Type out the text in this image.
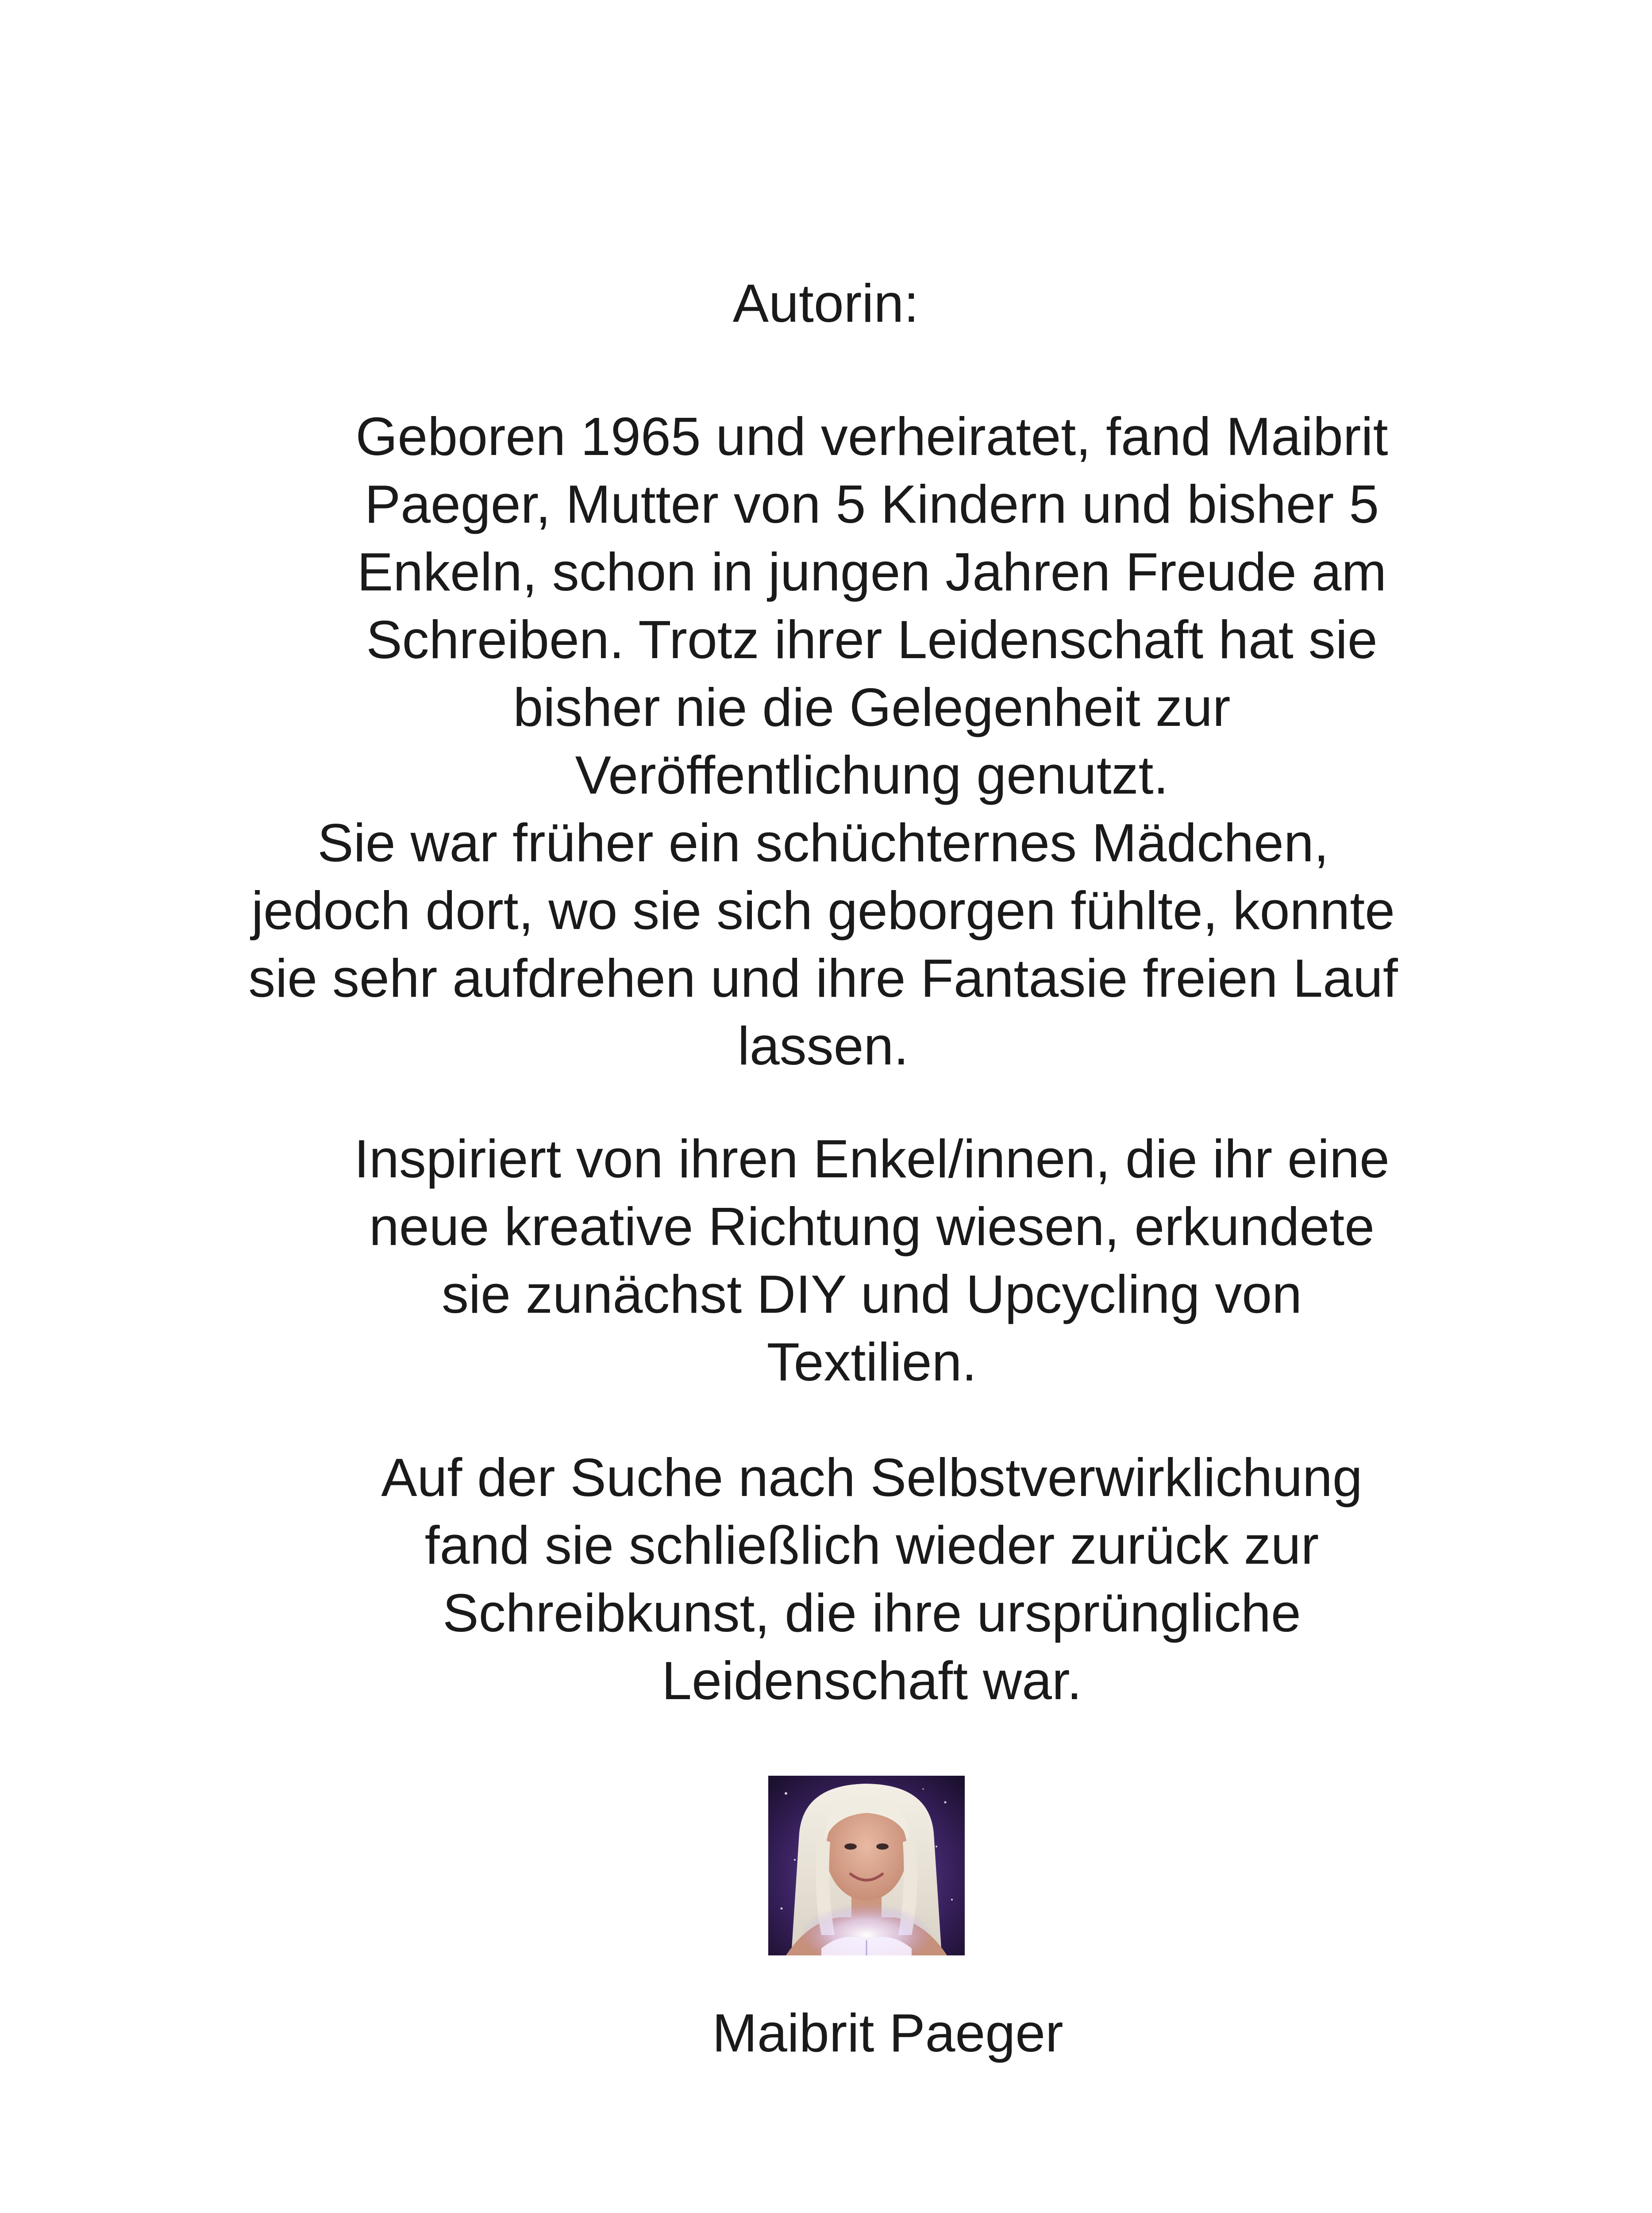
Autorin:

Geboren 1965 und verheiratet, fand Maibrit
Paeger, Mutter von 5 Kindern und bisher 5
Enkeln, schon in jungen Jahren Freude am
Schreiben. Trotz ihrer Leidenschaft hat sie
bisher nie die Gelegenheit zur
Veröffentlichung genutzt.

Sie war früher ein schüchternes Mädchen,
jedoch dort, wo sie sich geborgen fühlte, konnte
sie sehr aufdrehen und ihre Fantasie freien Lauf
lassen.

Inspiriert von ihren Enkel/innen, die ihr eine
neue kreative Richtung wiesen, erkundete
sie zunächst DIY und Upcycling von
Textilien.

Auf der Suche nach Selbstverwirklichung
fand sie schließlich wieder zurück zur
Schreibkunst, die ihre ursprüngliche
Leidenschaft war.

Maibrit Paeger
